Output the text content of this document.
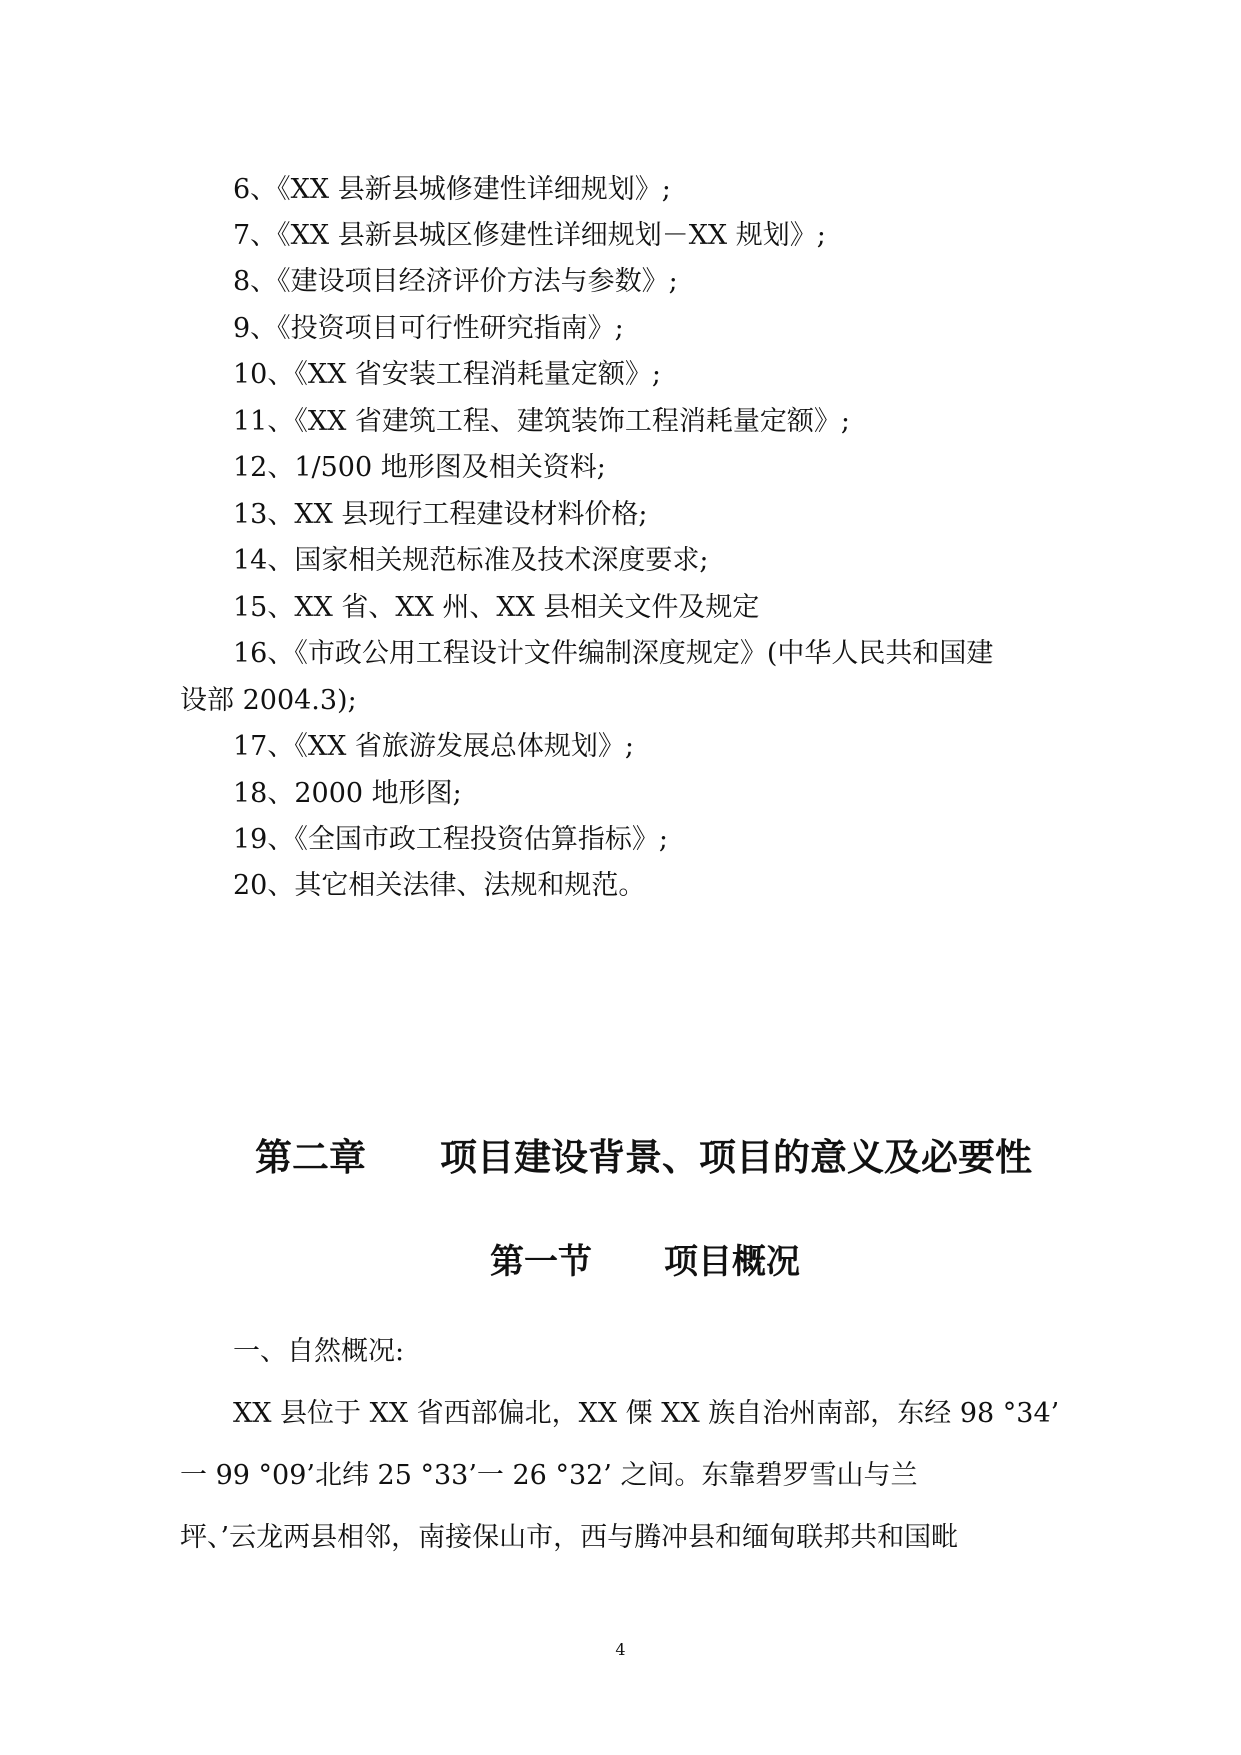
6、《XX 县新县城修建性详细规划》;
7、《XX 县新县城区修建性详细规划－XX 规划》;
8、《建设项目经济评价方法与参数》;
9、《投资项目可行性研究指南》;
10、《XX 省安装工程消耗量定额》;
11、《XX 省建筑工程、建筑装饰工程消耗量定额》;
12、1/500 地形图及相关资料;
13、XX 县现行工程建设材料价格;
14、国家相关规范标准及技术深度要求;
15、XX 省、XX 州、XX 县相关文件及规定
16、《市政公用工程设计文件编制深度规定》(中华人民共和国建
设部 2004.3);
17、《XX 省旅游发展总体规划》;
18、2000 地形图;
19、《全国市政工程投资估算指标》;
20、其它相关法律、法规和规范。
第二章 项目建设背景、项目的意义及必要性
第一节 项目概况
一、自然概况:
XX 县位于 XX 省西部偏北，XX 傈 XX 族自治州南部，东经 98 °34’
一 99 °09’北纬 25 °33’一 26 °32’ 之间。东靠碧罗雪山与兰
坪、’云龙两县相邻，南接保山市，西与腾冲县和缅甸联邦共和国毗
4
